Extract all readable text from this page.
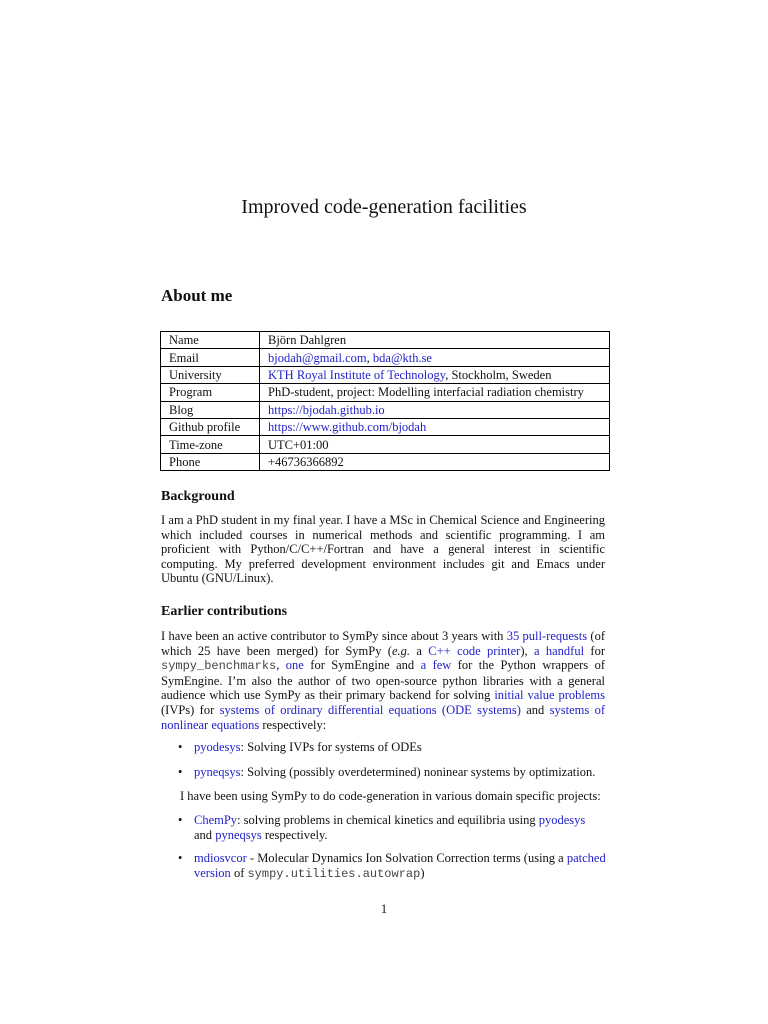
Improved code-generation facilities
About me
Name	Björn Dahlgren
Email	bjodah@gmail.com, bda@kth.se
University	KTH Royal Institute of Technology, Stockholm, Sweden
Program	PhD-student, project: Modelling interfacial radiation chemistry
Blog	https://bjodah.github.io
Github profile	https://www.github.com/bjodah
Time-zone	UTC+01:00
Phone	+46736366892
Background

I am a PhD student in my final year. I have a MSc in Chemical Science and Engineering which included courses in numerical methods and scientific programming. I am proficient with Python/C/C++/Fortran and have a general interest in scientific computing. My preferred development environment includes git and Emacs under Ubuntu (GNU/Linux).

Earlier contributions

I have been an active contributor to SymPy since about 3 years with 35 pull-requests (of which 25 have been merged) for SymPy (e.g. a C++ code printer), a handful for sympy_benchmarks, one for SymEngine and a few for the Python wrappers of SymEngine. I’m also the author of two open-source python libraries with a general audience which use SymPy as their primary backend for solving initial value problems (IVPs) for systems of ordinary differential equations (ODE systems) and systems of nonlinear equations respectively:

• pyodesys: Solving IVPs for systems of ODEs
• pyneqsys: Solving (possibly overdetermined) noninear systems by optimization.

I have been using SymPy to do code-generation in various domain specific projects:

• ChemPy: solving problems in chemical kinetics and equilibria using pyodesys and pyneqsys respectively.
• mdiosvcor - Molecular Dynamics Ion Solvation Correction terms (using a patched version of sympy.utilities.autowrap)
1
